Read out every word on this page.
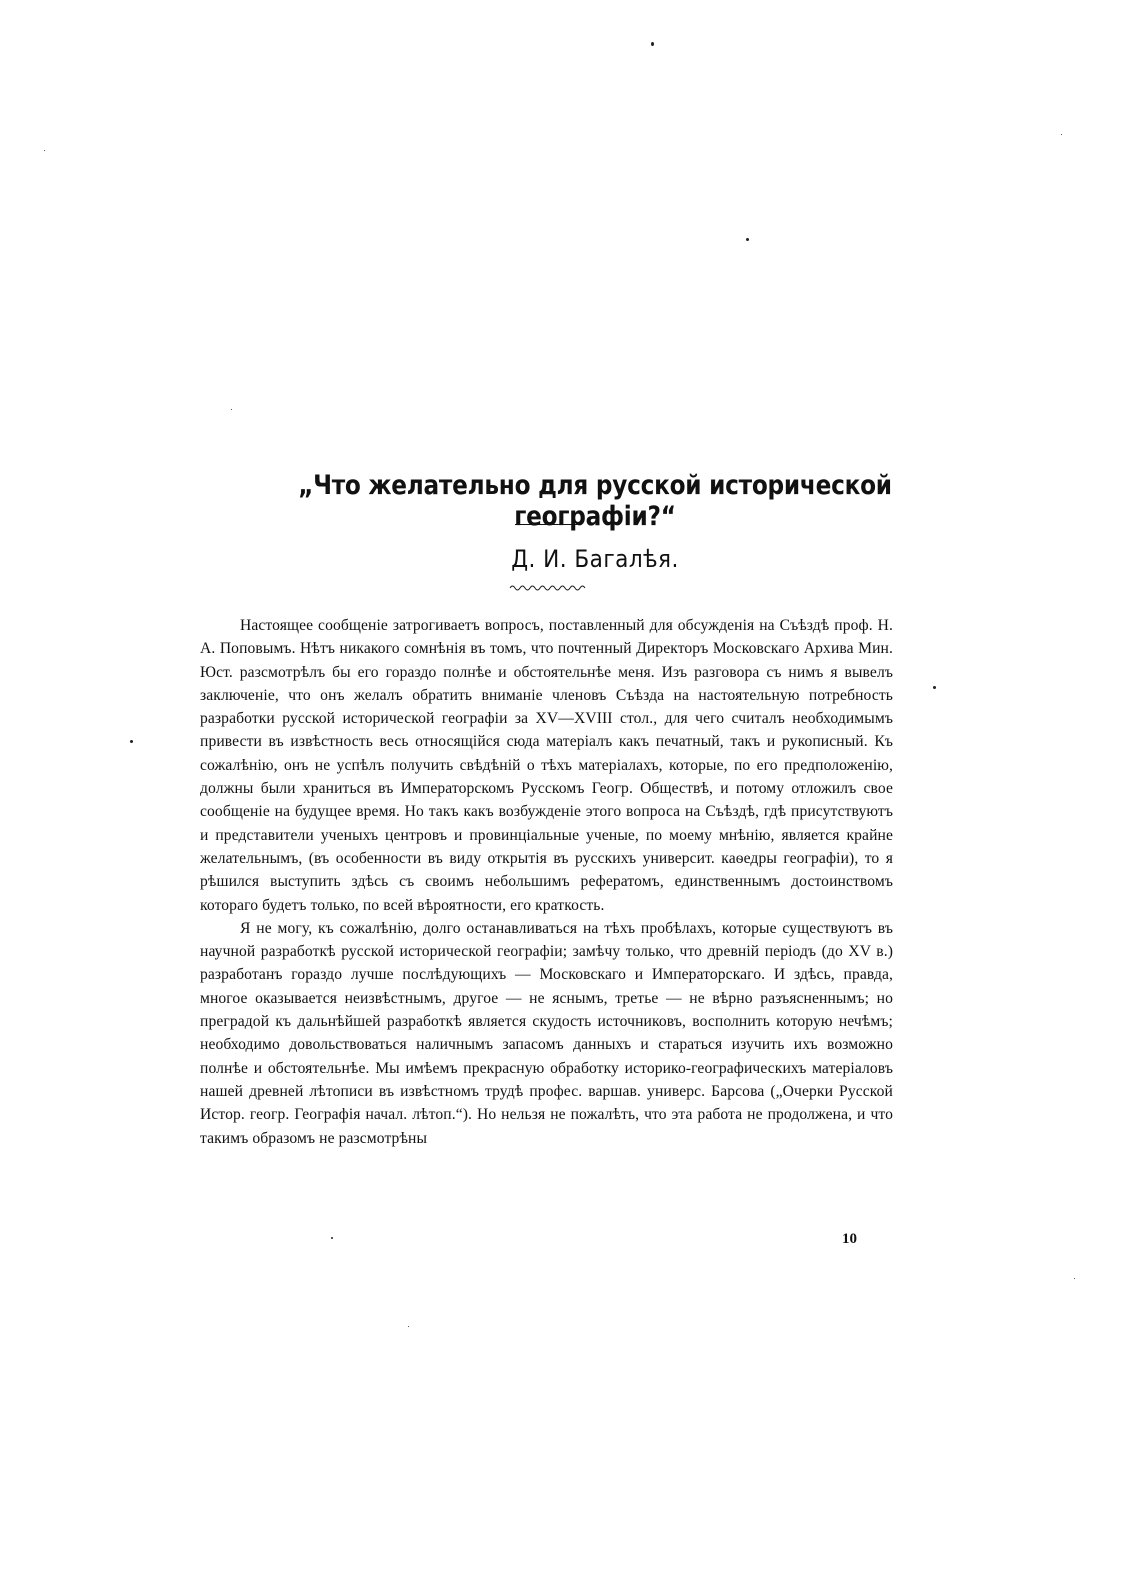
„Что желательно для русской исторической географіи?“
Д. И. Багалѣя.

Настоящее сообщеніе затрогиваетъ вопросъ, поставленный для обсужденія на Съѣздѣ проф. Н. А. Поповымъ. Нѣтъ никакого сомнѣнія въ томъ, что почтенный Директоръ Московскаго Архива Мин. Юст. разсмотрѣлъ бы его гораздо полнѣе и обстоятельнѣе меня. Изъ разговора съ нимъ я вывелъ заключеніе, что онъ желалъ обратить вниманіе членовъ Съѣзда на настоятельную потребность разработки русской исторической географіи за XV—XVIII стол., для чего считалъ необходимымъ привести въ извѣстность весь относящійся сюда матеріалъ какъ печатный, такъ и рукописный. Къ сожалѣнію, онъ не успѣлъ получить свѣдѣній о тѣхъ матеріалахъ, которые, по его предположенію, должны были храниться въ Императорскомъ Русскомъ Геогр. Обществѣ, и потому отложилъ свое сообщеніе на будущее время. Но такъ какъ возбужденіе этого вопроса на Съѣздѣ, гдѣ присутствуютъ и представители ученыхъ центровъ и провинціальные ученые, по моему мнѣнію, является крайне желательнымъ, (въ особенности въ виду открытія въ русскихъ университ. каѳедры географіи), то я рѣшился выступить здѣсь съ своимъ небольшимъ рефератомъ, единственнымъ достоинствомъ котораго будетъ только, по всей вѣроятности, его краткость.

Я не могу, къ сожалѣнію, долго останавливаться на тѣхъ пробѣлахъ, которые существуютъ въ научной разработкѣ русской исторической географіи; замѣчу только, что древній періодъ (до XV в.) разработанъ гораздо лучше послѣдующихъ — Московскаго и Императорскаго. И здѣсь, правда, многое оказывается неизвѣстнымъ, другое — не яснымъ, третье — не вѣрно разъясненнымъ; но преградой къ дальнѣйшей разработкѣ является скудость источниковъ, восполнить которую нечѣмъ; необходимо довольствоваться наличнымъ запасомъ данныхъ и стараться изучить ихъ возможно полнѣе и обстоятельнѣе. Мы имѣемъ прекрасную обработку историко-географическихъ матеріаловъ нашей древней лѣтописи въ извѣстномъ трудѣ профес. варшав. универс. Барсова („Очерки Русской Истор. геогр. Географія начал. лѣтоп.“). Но нельзя не пожалѣть, что эта работа не продолжена, и что такимъ образомъ не разсмотрѣны

10
